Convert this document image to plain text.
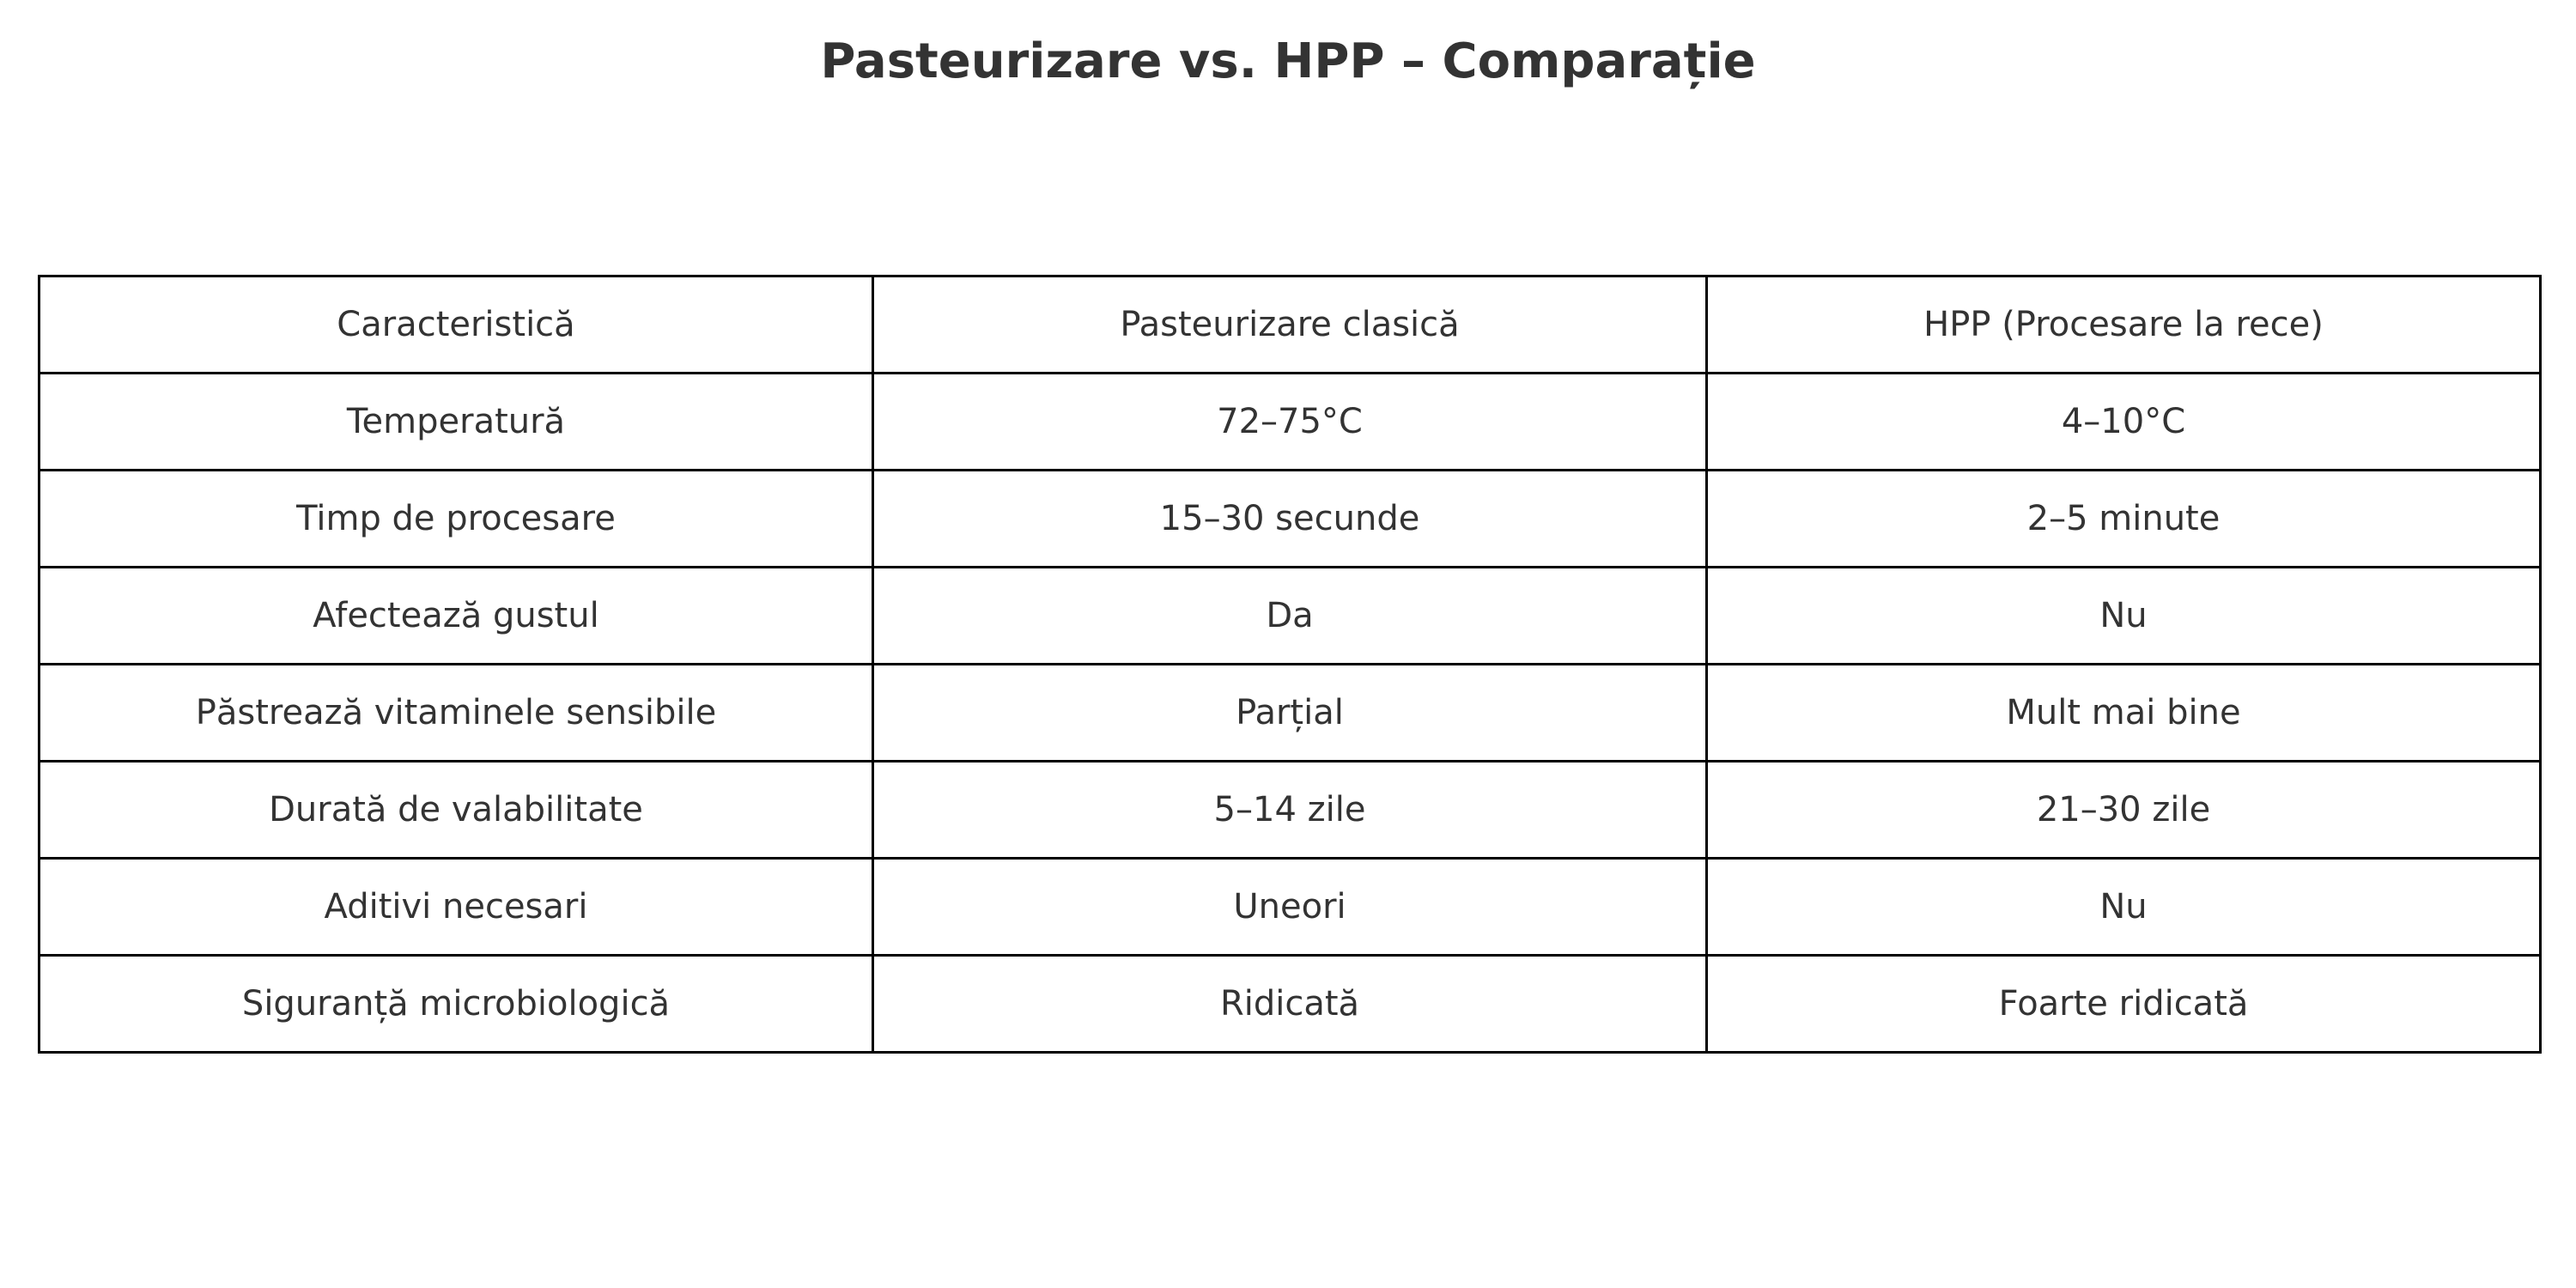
Pasteurizare vs. HPP – Comparație
Caracteristică	Pasteurizare clasică	HPP (Procesare la rece)
Temperatură	72–75°C	4–10°C
Timp de procesare	15–30 secunde	2–5 minute
Afectează gustul	Da	Nu
Păstrează vitaminele sensibile	Parțial	Mult mai bine
Durată de valabilitate	5–14 zile	21–30 zile
Aditivi necesari	Uneori	Nu
Siguranță microbiologică	Ridicată	Foarte ridicată
